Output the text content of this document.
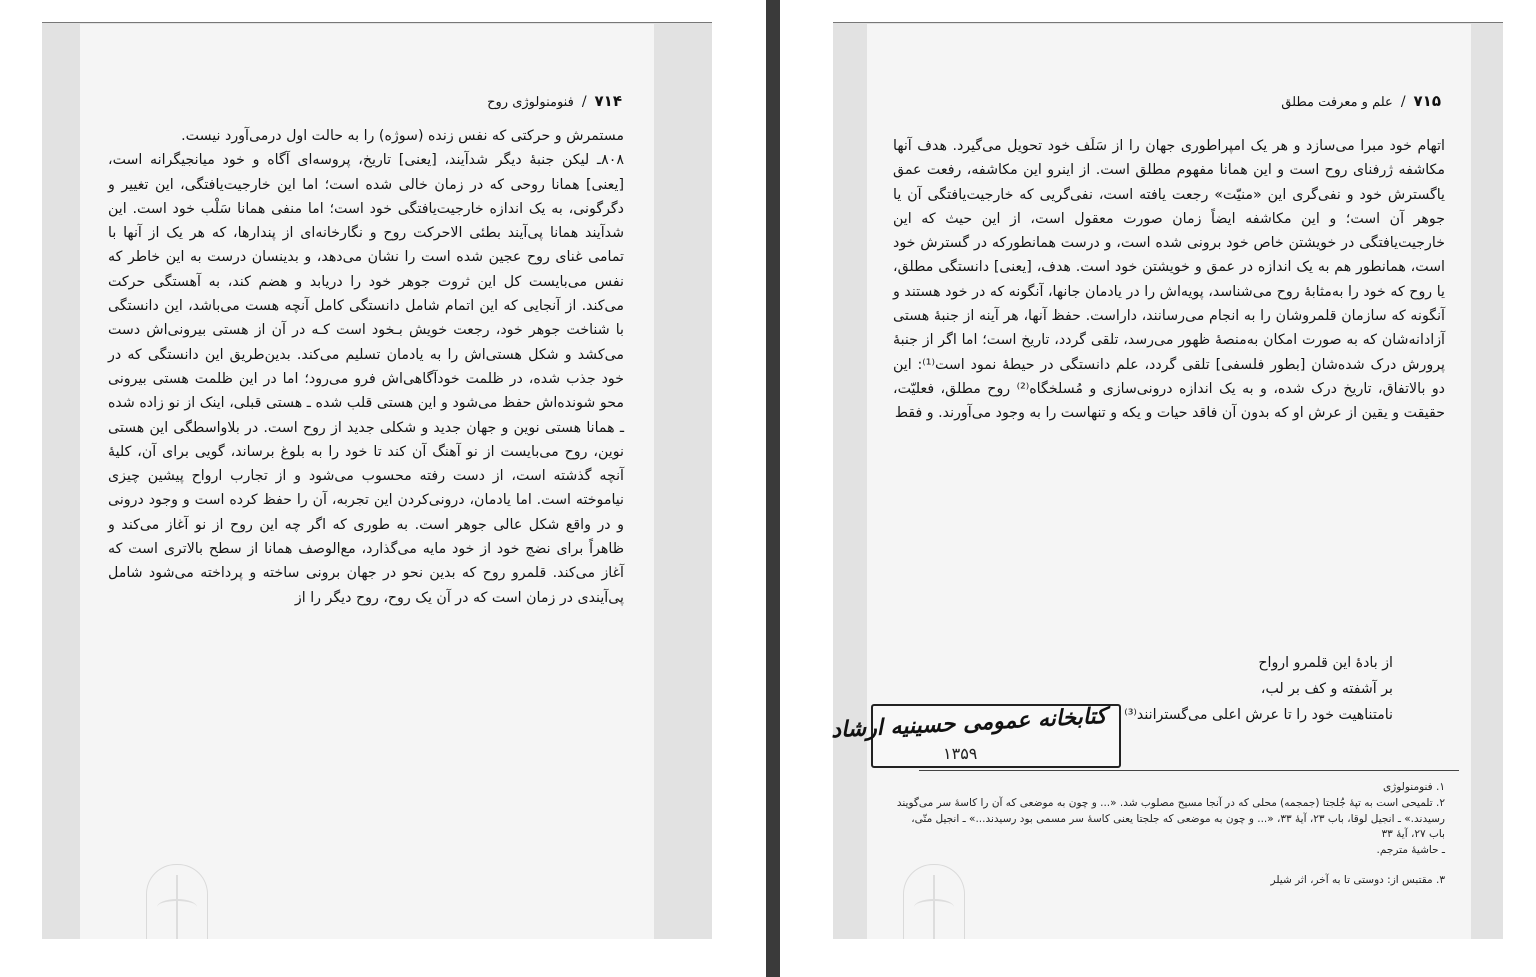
۷۱۴
/
فنومنولوژی روح

مستمرش و حرکتی که نفس زنده (سوژه) را به حالت اول درمی‌آورد نیست.

۸۰۸ـ لیکن جنبهٔ دیگر شدآیند، [یعنی] تاریخ، پروسه‌ای آگاه و خود میانجیگرانه است، [یعنی] همانا روحی که در زمان خالی شده است؛ اما این خارجیت‌یافتگی، این تغییر و دگرگونی، به یک اندازه خارجیت‌یافتگی خود است؛ اما منفی همانا سَلْب خود است. این شدآیند همانا پی‌آیند بطئی الاحرکت روح و نگارخانه‌ای از پندارها، که هر یک از آنها با تمامی غنای روح عجین شده است را نشان می‌دهد، و بدینسان درست به این خاطر که نفس می‌بایست کل این ثروت جوهر خود را دریابد و هضم کند، به آهستگی حرکت می‌کند. از آنجایی که این اتمام شامل دانستگی کامل آنچه هست می‌باشد، این دانستگی با شناخت جوهر خود، رجعت خویش بـخود است کـه در آن از هستی بیرونی‌اش دست می‌کشد و شکل هستی‌اش را به یادمان تسلیم می‌کند. بدین‌طریق این دانستگی که در خود جذب شده، در ظلمت خودآگاهی‌اش فرو می‌رود؛ اما در این ظلمت هستی بیرونی محو شونده‌اش حفظ می‌شود و این هستی قلب شده ـ هستی قبلی، اینک از نو زاده شده ـ همانا هستی نوین و جهان جدید و شکلی جدید از روح است. در بلاواسطگی این هستی نوین، روح می‌بایست از نو آهنگ آن کند تا خود را به بلوغ برساند، گویی برای آن، کلیهٔ آنچه گذشته است، از دست رفته محسوب می‌شود و از تجارب ارواح پیشین چیزی نیاموخته است. اما یادمان، درونی‌کردن این تجربه، آن را حفظ کرده است و وجود درونی و در واقع شکل عالی جوهر است. به طوری که اگر چه این روح از نو آغاز می‌کند و ظاهراً برای نضج خود از خود مایه می‌گذارد، مع‌الوصف همانا از سطح بالاتری است که آغاز می‌کند. قلمرو روح که بدین نحو در جهان برونی ساخته و پرداخته می‌شود شامل پی‌آیندی در زمان است که در آن یک روح، روح دیگر را از

۷۱۵
/
علم و معرفت مطلق

اتهام خود مبرا می‌سازد و هر یک امپراطوری جهان را از سَلَف خود تحویل می‌گیرد. هدف آنها مکاشفه ژرفنای روح است و این همانا مفهوم مطلق است. از اینرو این مکاشفه، رفعت عمق یاگسترش خود و نفی‌گری این «منیّت» رجعت یافته است، نفی‌گریی که خارجیت‌یافتگی آن یا جوهر آن است؛ و این مکاشفه ایضاً زمان صورت معقول است، از این حیث که این خارجیت‌یافتگی در خویشتن خاص خود برونی شده است، و درست همانطورکه در گسترش خود است، همانطور هم به یک اندازه در عمق و خویشتن خود است. هدف، [یعنی] دانستگی مطلق، یا روح که خود را به‌مثابهٔ روح می‌شناسد، پویه‌اش را در یادمان جانها، آنگونه که در خود هستند و آنگونه که سازمان قلمروشان را به انجام می‌رسانند، داراست. حفظ آنها، هر آینه از جنبهٔ هستی آزادانه‌شان که به صورت امکان به‌منصهٔ ظهور می‌رسد، تلقی گردد، تاریخ است؛ اما اگر از جنبهٔ پرورش درک شده‌شان [بطور فلسفی] تلقی گردد، علم دانستگی در حیطهٔ نمود است⁽¹⁾: این دو بالاتفاق، تاریخ درک شده، و به یک اندازه درونی‌سازی و مُسلخگاه⁽²⁾ روح مطلق، فعلیّت، حقیقت و یقین از عرش او که بدون آن فاقد حیات و یکه و تنهاست را به وجود می‌آورند. و فقط

از بادهٔ این قلمرو ارواح
بر آشفته و کف بر لب،
نامتناهیت خود را تا عرش اعلی می‌گسترانند⁽³⁾
کتابخانه عمومی حسینیه ارشاد
۱۳۵۹
۱. فنومنولوژی
۲. تلمیحی است به تپهٔ جُلجتا (جمجمه) محلی که در آنجا مسیح مصلوب شد. «... و چون به موضعی که آن را کاسهٔ سر می‌گویند رسیدند.» ـ انجیل لوقا، باب ۲۳، آیهٔ ۳۳، «... و چون به موضعی که جلجتا یعنی کاسهٔ سر مسمی بود رسیدند...» ـ انجیل متّی، باب ۲۷، آیهٔ ۳۳
ـ حاشیهٔ مترجم.
۳. مقتبس از: دوستی تا به آخر، اثر شیلر
